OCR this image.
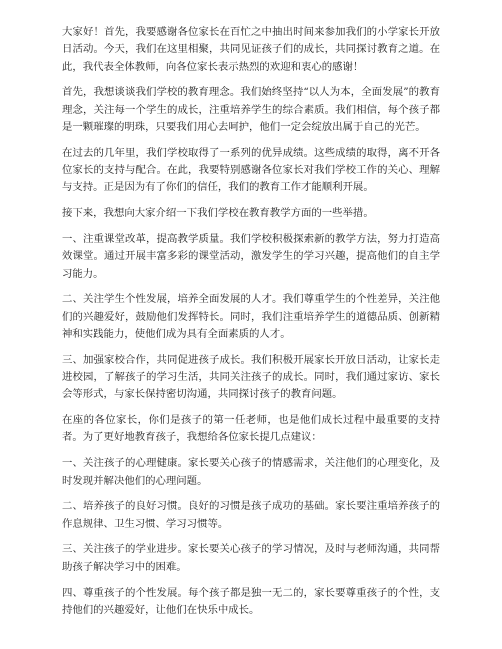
大家好！首先，我要感谢各位家长在百忙之中抽出时间来参加我们的小学家长开放日活动。今天，我们在这里相聚，共同见证孩子们的成长，共同探讨教育之道。在此，我代表全体教师，向各位家长表示热烈的欢迎和衷心的感谢！

首先，我想谈谈我们学校的教育理念。我们始终坚持“以人为本，全面发展”的教育理念，关注每一个学生的成长，注重培养学生的综合素质。我们相信，每个孩子都是一颗璀璨的明珠，只要我们用心去呵护，他们一定会绽放出属于自己的光芒。

在过去的几年里，我们学校取得了一系列的优异成绩。这些成绩的取得，离不开各位家长的支持与配合。在此，我要特别感谢各位家长对我们学校工作的关心、理解与支持。正是因为有了你们的信任，我们的教育工作才能顺利开展。

接下来，我想向大家介绍一下我们学校在教育教学方面的一些举措。

一、注重课堂改革，提高教学质量。我们学校积极探索新的教学方法，努力打造高效课堂。通过开展丰富多彩的课堂活动，激发学生的学习兴趣，提高他们的自主学习能力。

二、关注学生个性发展，培养全面发展的人才。我们尊重学生的个性差异，关注他们的兴趣爱好，鼓励他们发挥特长。同时，我们注重培养学生的道德品质、创新精神和实践能力，使他们成为具有全面素质的人才。

三、加强家校合作，共同促进孩子成长。我们积极开展家长开放日活动，让家长走进校园，了解孩子的学习生活，共同关注孩子的成长。同时，我们通过家访、家长会等形式，与家长保持密切沟通，共同探讨孩子的教育问题。

在座的各位家长，你们是孩子的第一任老师，也是他们成长过程中最重要的支持者。为了更好地教育孩子，我想给各位家长提几点建议：

一、关注孩子的心理健康。家长要关心孩子的情感需求，关注他们的心理变化，及时发现并解决他们的心理问题。

二、培养孩子的良好习惯。良好的习惯是孩子成功的基础。家长要注重培养孩子的作息规律、卫生习惯、学习习惯等。

三、关注孩子的学业进步。家长要关心孩子的学习情况，及时与老师沟通，共同帮助孩子解决学习中的困难。

四、尊重孩子的个性发展。每个孩子都是独一无二的，家长要尊重孩子的个性，支持他们的兴趣爱好，让他们在快乐中成长。
